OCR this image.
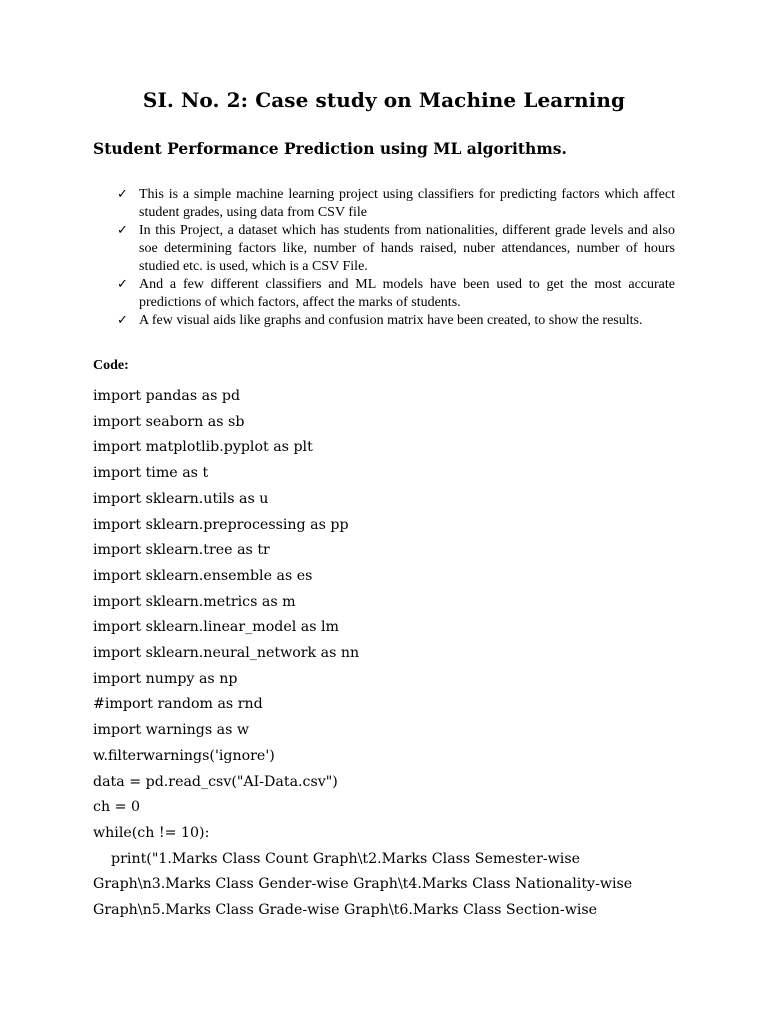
SI. No. 2: Case study on Machine Learning
Student Performance Prediction using ML algorithms.
✓ This is a simple machine learning project using classifiers for predicting factors which affect student grades, using data from CSV file
✓ In this Project, a dataset which has students from nationalities, different grade levels and also soe determining factors like, number of hands raised, nuber attendances, number of hours studied etc. is used, which is a CSV File.
✓ And a few different classifiers and ML models have been used to get the most accurate predictions of which factors, affect the marks of students.
✓ A few visual aids like graphs and confusion matrix have been created, to show the results.
Code:
import pandas as pd
import seaborn as sb
import matplotlib.pyplot as plt
import time as t
import sklearn.utils as u
import sklearn.preprocessing as pp
import sklearn.tree as tr
import sklearn.ensemble as es
import sklearn.metrics as m
import sklearn.linear_model as lm
import sklearn.neural_network as nn
import numpy as np
#import random as rnd
import warnings as w
w.filterwarnings('ignore')
data = pd.read_csv("AI-Data.csv")
ch = 0
while(ch != 10):
print("1.Marks Class Count Graph\t2.Marks Class Semester-wise
Graph\n3.Marks Class Gender-wise Graph\t4.Marks Class Nationality-wise
Graph\n5.Marks Class Grade-wise Graph\t6.Marks Class Section-wise
